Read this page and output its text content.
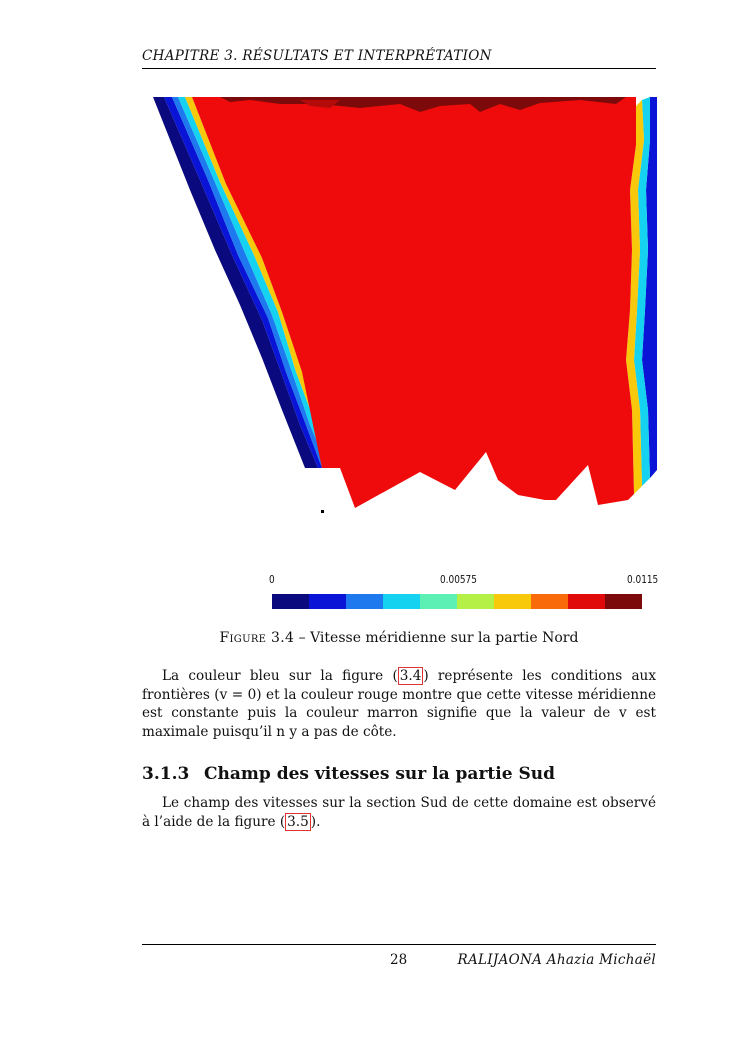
CHAPITRE 3. RÉSULTATS ET INTERPRÉTATION
0	0.00575	0.0115
Figure 3.4 – Vitesse méridienne sur la partie Nord
La couleur bleu sur la figure ( 3.4 ) représente les conditions aux frontières (v = 0) et la couleur rouge montre que cette vitesse méridienne est constante puis la couleur marron signifie que la valeur de v est maximale puisqu’il n y a pas de côte.
3.1.3 Champ des vitesses sur la partie Sud
Le champ des vitesses sur la section Sud de cette domaine est observé à l’aide de la figure ( 3.5 ).
28	RALIJAONA Ahazia Michaël
